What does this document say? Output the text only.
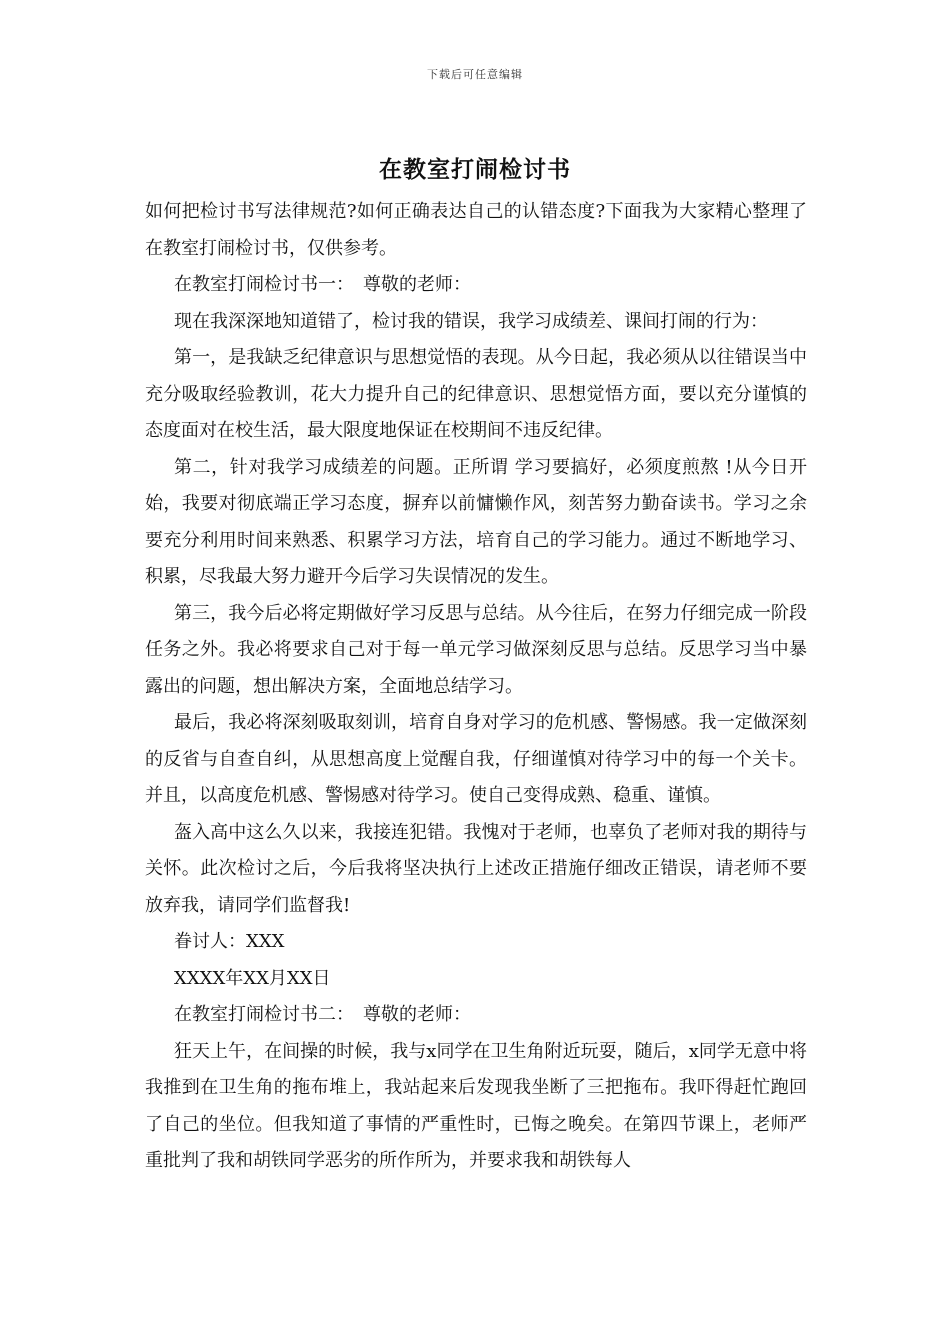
下载后可任意编辑
在教室打闹检讨书

如何把检讨书写法律规范?如何正确表达自己的认错态度?下面我为大家精心整理了在教室打闹检讨书，仅供参考。

在教室打闹检讨书一：　尊敬的老师：

现在我深深地知道错了，检讨我的错误，我学习成绩差、课间打闹的行为：

第一，是我缺乏纪律意识与思想觉悟的表现。从今日起，我必须从以往错误当中充分吸取经验教训，花大力提升自己的纪律意识、思想觉悟方面，要以充分谨慎的态度面对在校生活，最大限度地保证在校期间不违反纪律。

第二，针对我学习成绩差的问题。正所谓 学习要搞好，必须度煎熬 !从今日开始，我要对彻底端正学习态度，摒弃以前慵懒作风，刻苦努力勤奋读书。学习之余要充分利用时间来熟悉、积累学习方法，培育自己的学习能力。通过不断地学习、积累，尽我最大努力避开今后学习失误情况的发生。

第三，我今后必将定期做好学习反思与总结。从今往后，在努力仔细完成一阶段任务之外。我必将要求自己对于每一单元学习做深刻反思与总结。反思学习当中暴露出的问题，想出解决方案，全面地总结学习。

最后，我必将深刻吸取刻训，培育自身对学习的危机感、警惕感。我一定做深刻的反省与自查自纠，从思想高度上觉醒自我，仔细谨慎对待学习中的每一个关卡。并且，以高度危机感、警惕感对待学习。使自己变得成熟、稳重、谨慎。

盔入高中这么久以来，我接连犯错。我愧对于老师，也辜负了老师对我的期待与关怀。此次检讨之后，今后我将坚决执行上述改正措施仔细改正错误，请老师不要放弃我，请同学们监督我!

眷讨人：XXX

XXXX年XX月XX日

在教室打闹检讨书二：　尊敬的老师：

狂天上午，在间操的时候，我与x同学在卫生角附近玩耍，随后，x同学无意中将我推到在卫生角的拖布堆上，我站起来后发现我坐断了三把拖布。我吓得赶忙跑回了自己的坐位。但我知道了事情的严重性时，已悔之晚矣。在第四节课上，老师严重批判了我和胡铁同学恶劣的所作所为，并要求我和胡铁每人
